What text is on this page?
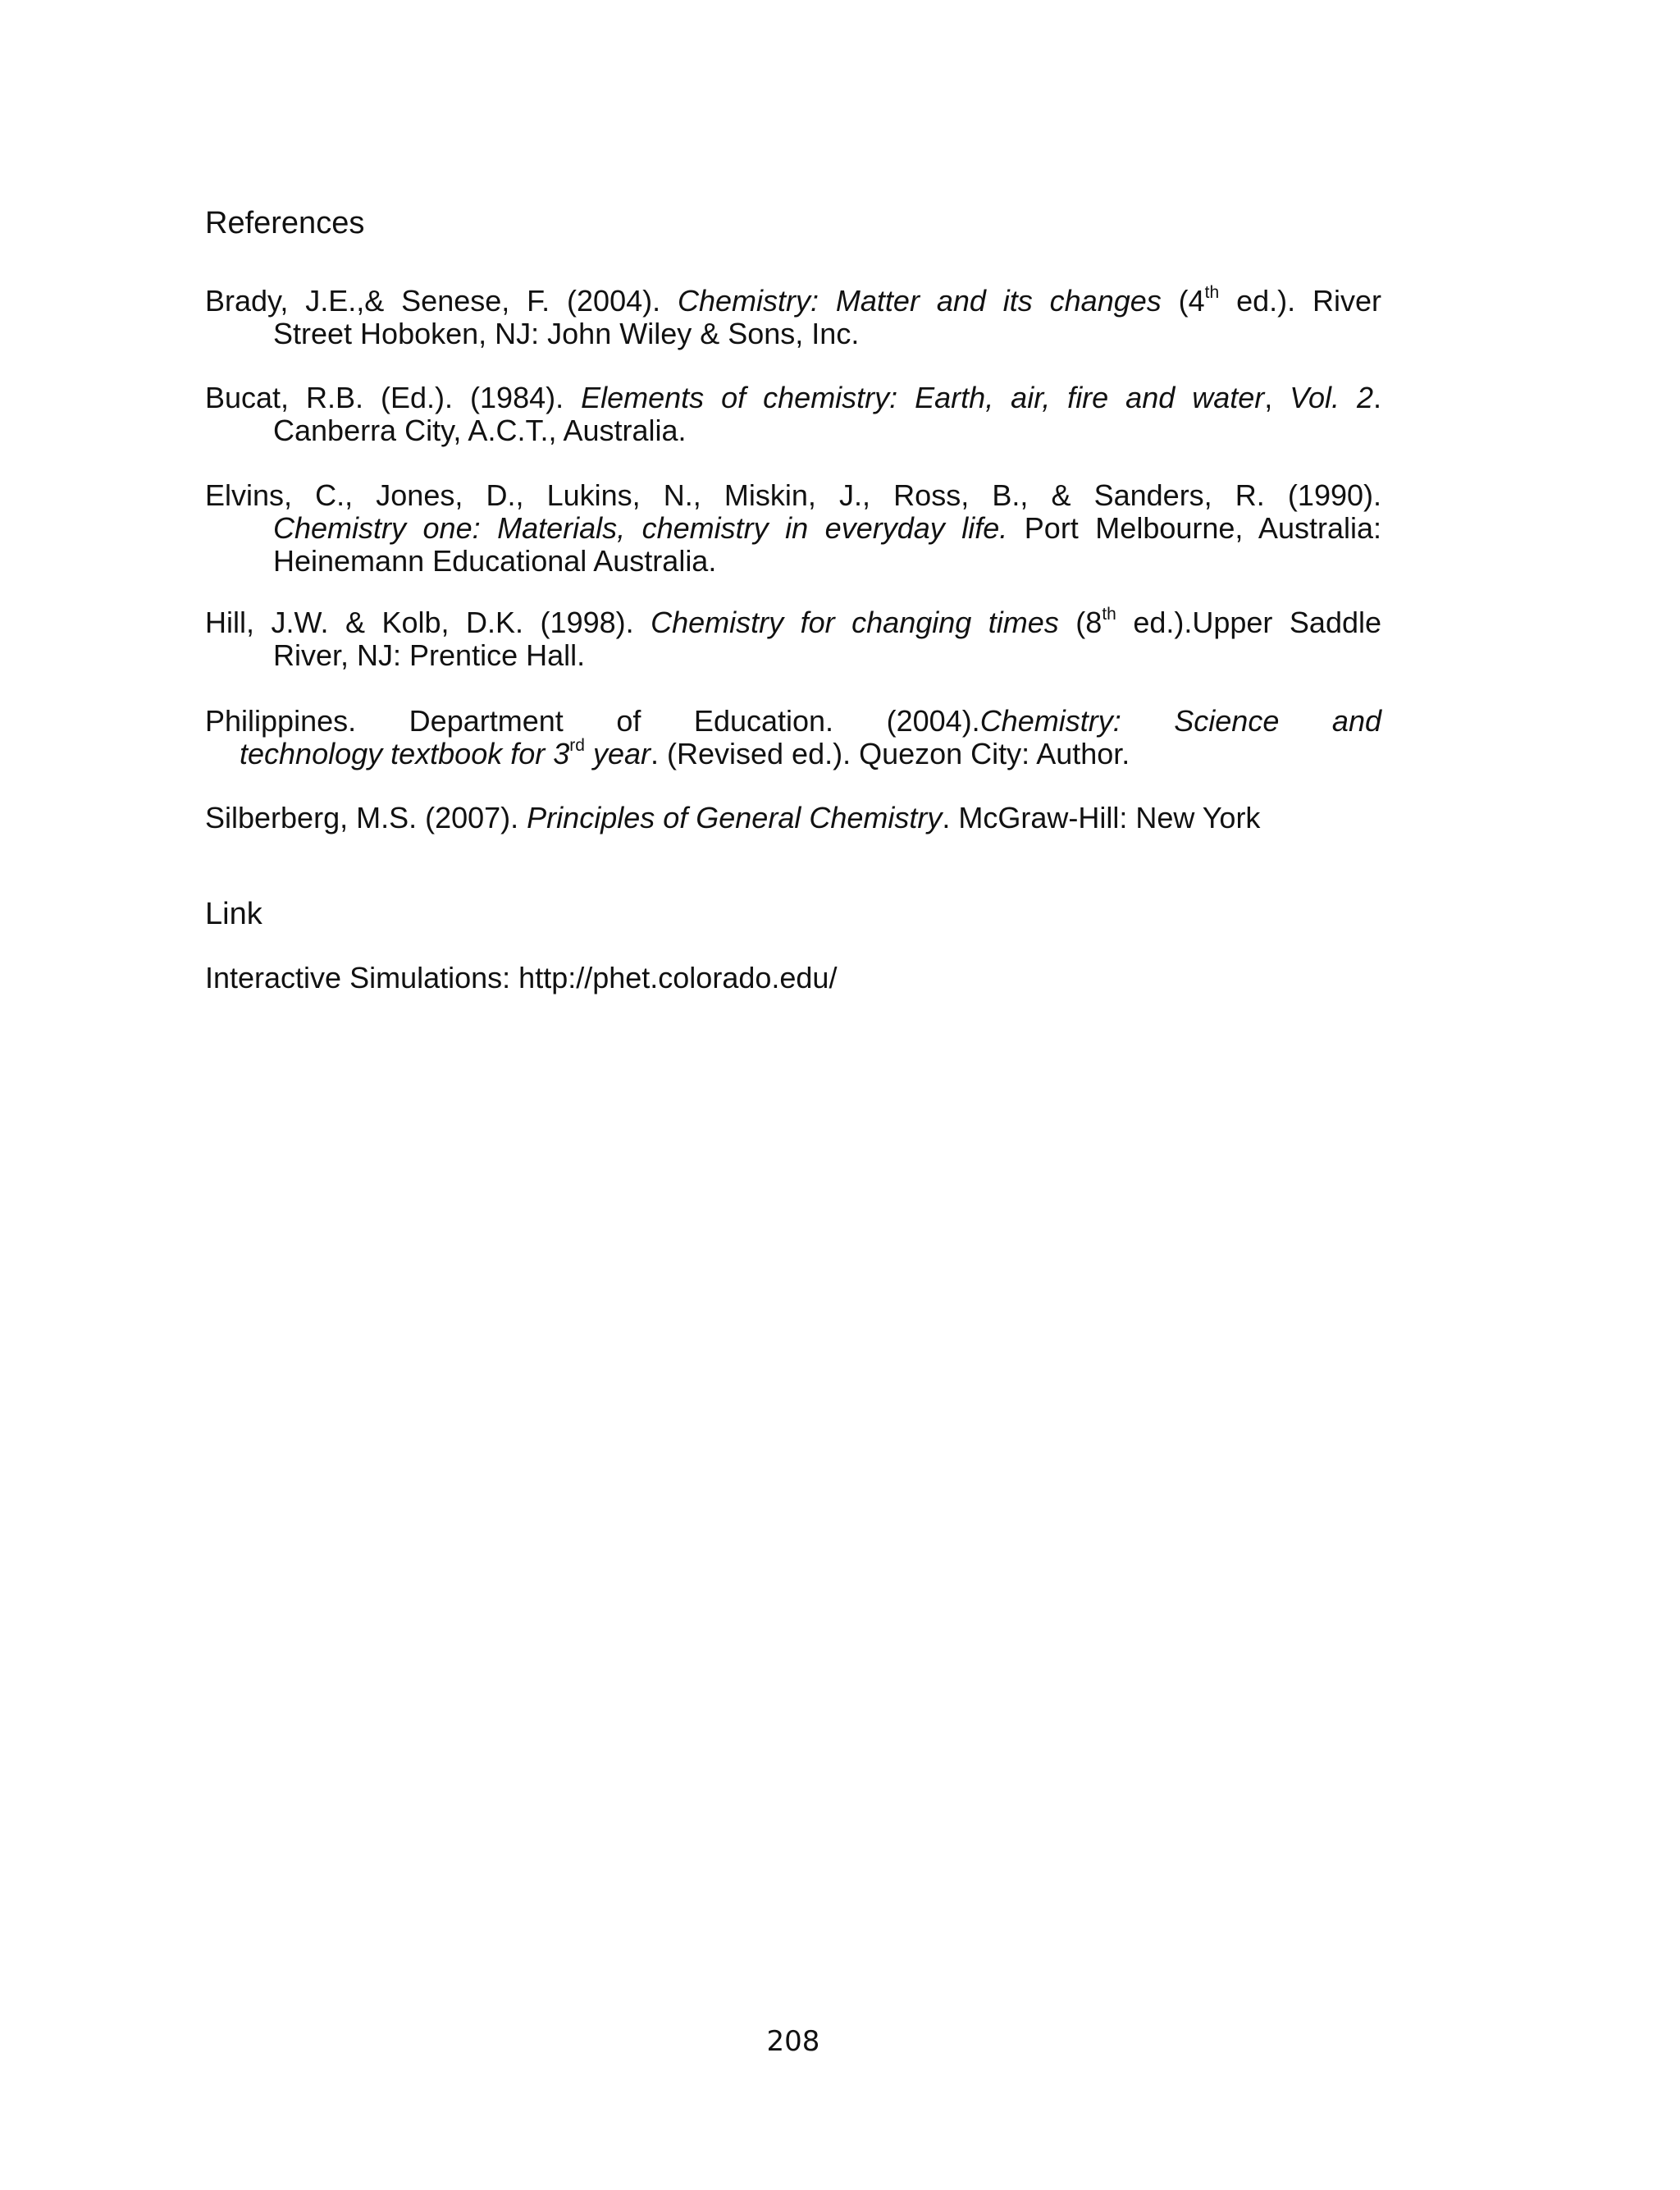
References
Brady, J.E.,& Senese, F. (2004). Chemistry: Matter and its changes (4th ed.). River
Street Hoboken, NJ: John Wiley & Sons, Inc.
Bucat, R.B. (Ed.). (1984). Elements of chemistry: Earth, air, fire and water, Vol. 2.
Canberra City, A.C.T., Australia.
Elvins, C., Jones, D., Lukins, N., Miskin, J., Ross, B., & Sanders, R. (1990).
Chemistry one: Materials, chemistry in everyday life. Port Melbourne, Australia:
Heinemann Educational Australia.
Hill, J.W. & Kolb, D.K. (1998). Chemistry for changing times (8th ed.).Upper Saddle
River, NJ: Prentice Hall.
Philippines. Department of Education. (2004).Chemistry: Science and
technology textbook for 3rd year. (Revised ed.). Quezon City: Author.
Silberberg, M.S. (2007). Principles of General Chemistry. McGraw-Hill: New York
Link
Interactive Simulations: http://phet.colorado.edu/
208
